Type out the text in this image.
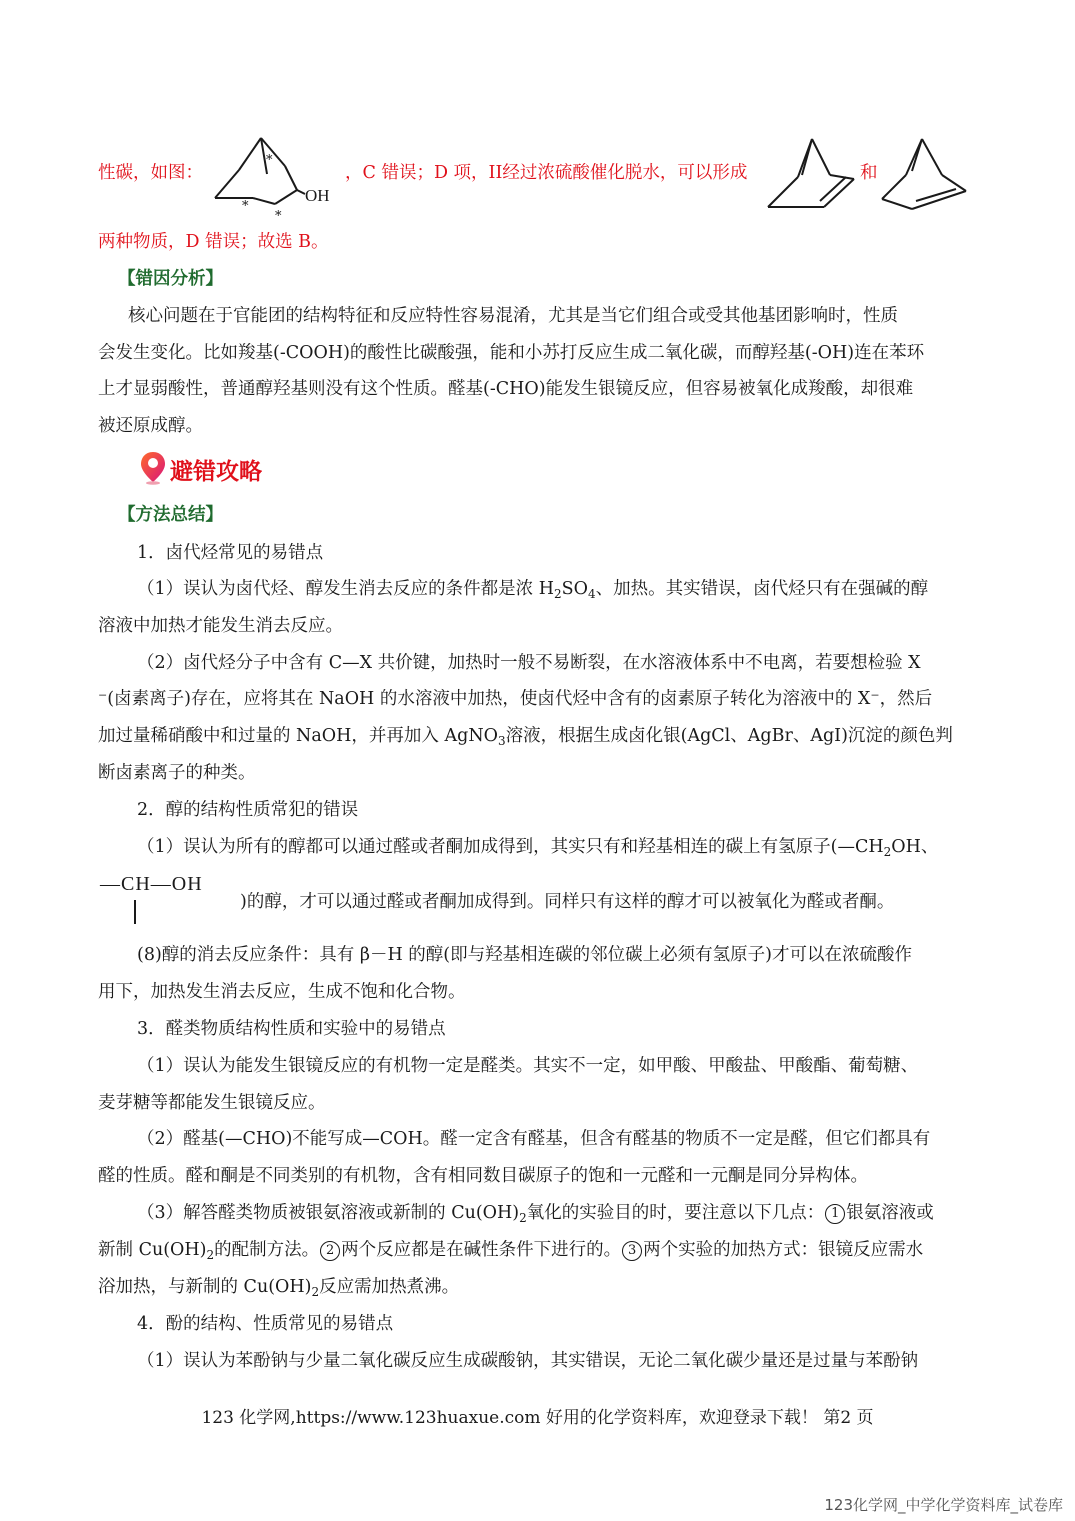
性碳，如图：
*
*
*
OH
，C 错误；D 项，II经过浓硫酸催化脱水，可以形成	和
两种物质，D 错误；故选 B。
【错因分析】
核心问题在于官能团的结构特征和反应特性容易混淆，尤其是当它们组合或受其他基团影响时，性质
会发生变化。比如羧基(-COOH)的酸性比碳酸强，能和小苏打反应生成二氧化碳，而醇羟基(-OH)连在苯环
上才显弱酸性，普通醇羟基则没有这个性质。醛基(-CHO)能发生银镜反应，但容易被氧化成羧酸，却很难
被还原成醇。
避错攻略
【方法总结】
1．卤代烃常见的易错点
（1）误认为卤代烃、醇发生消去反应的条件都是浓 $H_2SO_4$、加热。其实错误，卤代烃只有在强碱的醇
溶液中加热才能发生消去反应。
（2）卤代烃分子中含有 C—X 共价键，加热时一般不易断裂，在水溶液体系中不电离，若要想检验 X
⁻(卤素离子)存在，应将其在 NaOH 的水溶液中加热，使卤代烃中含有的卤素原子转化为溶液中的 X⁻，然后
加过量稀硝酸中和过量的 NaOH，并再加入 AgNO$_3$溶液，根据生成卤化银(AgCl、AgBr、AgI)沉淀的颜色判
断卤素离子的种类。
2．醇的结构性质常犯的错误
（1）误认为所有的醇都可以通过醛或者酮加成得到，其实只有和羟基相连的碳上有氢原子($—CH_2OH$、
—CH—OH
)的醇，才可以通过醛或者酮加成得到。同样只有这样的醇才可以被氧化为醛或者酮。
(8)醇的消去反应条件：具有 β－H 的醇(即与羟基相连碳的邻位碳上必须有氢原子)才可以在浓硫酸作
用下，加热发生消去反应，生成不饱和化合物。
3．醛类物质结构性质和实验中的易错点
（1）误认为能发生银镜反应的有机物一定是醛类。其实不一定，如甲酸、甲酸盐、甲酸酯、葡萄糖、
麦芽糖等都能发生银镜反应。
（2）醛基(—CHO)不能写成—COH。醛一定含有醛基，但含有醛基的物质不一定是醛，但它们都具有
醛的性质。醛和酮是不同类别的有机物，含有相同数目碳原子的饱和一元醛和一元酮是同分异构体。
（3）解答醛类物质被银氨溶液或新制的 $Cu(OH)_2$氧化的实验目的时，要注意以下几点： 1 银氨溶液或
新制 $Cu(OH)_2$的配制方法。 2 两个反应都是在碱性条件下进行的。 3 两个实验的加热方式：银镜反应需水
浴加热，与新制的 $Cu(OH)_2$反应需加热煮沸。
4．酚的结构、性质常见的易错点
（1）误认为苯酚钠与少量二氧化碳反应生成碳酸钠，其实错误，无论二氧化碳少量还是过量与苯酚钠
123 化学网,https://www.123huaxue.com 好用的化学资料库，欢迎登录下载！ 第2 页
123化学网_中学化学资料库_试卷库
